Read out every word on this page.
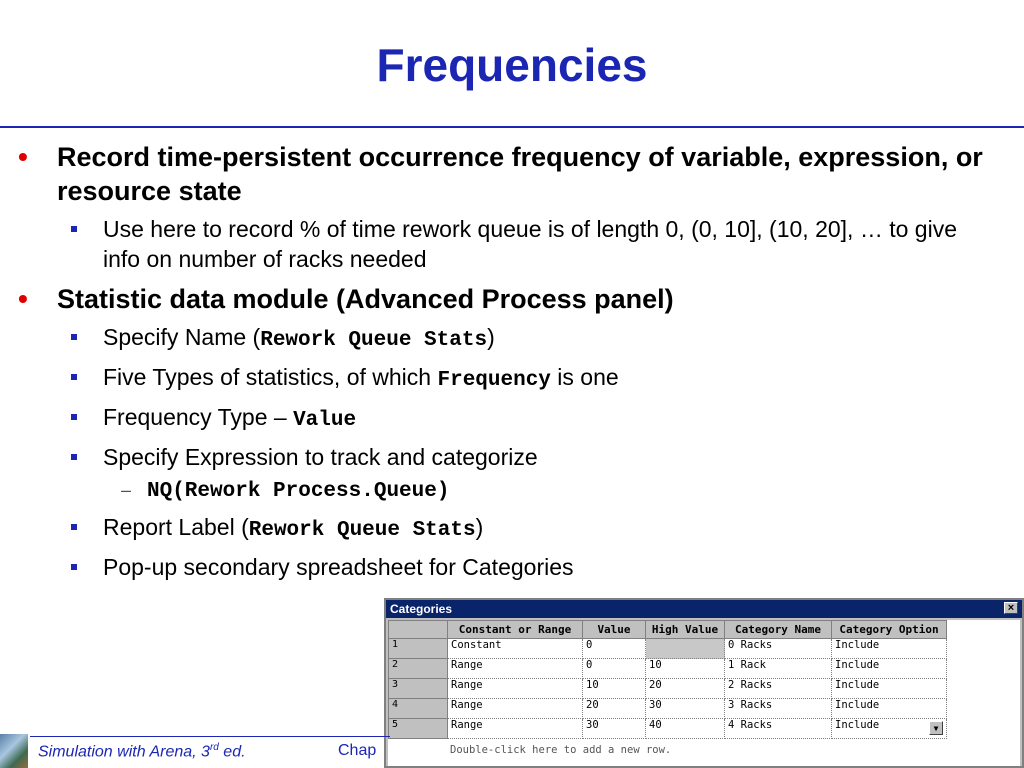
Frequencies
• Record time-persistent occurrence frequency of variable, expression, or resource state
Use here to record % of time rework queue is of length 0, (0, 10], (10, 20], … to give info on number of racks needed
• Statistic data module (Advanced Process panel)
Specify Name (Rework Queue Stats)
Five Types of statistics, of which Frequency is one
Frequency Type – Value
Specify Expression to track and categorize
– NQ(Rework Process.Queue)
Report Label (Rework Queue Stats)
Pop-up secondary spreadsheet for Categories
Categories	×
	Constant or Range	Value	High Value	Category Name	Category Option
1	Constant	0		0 Racks	Include
2	Range	0	10	1 Rack	Include
3	Range	10	20	2 Racks	Include
4	Range	20	30	3 Racks	Include
5	Range	30	40	4 Racks	Include ▼
Double-click here to add a new row.
Simulation with Arena, 3rd ed.	Chap
